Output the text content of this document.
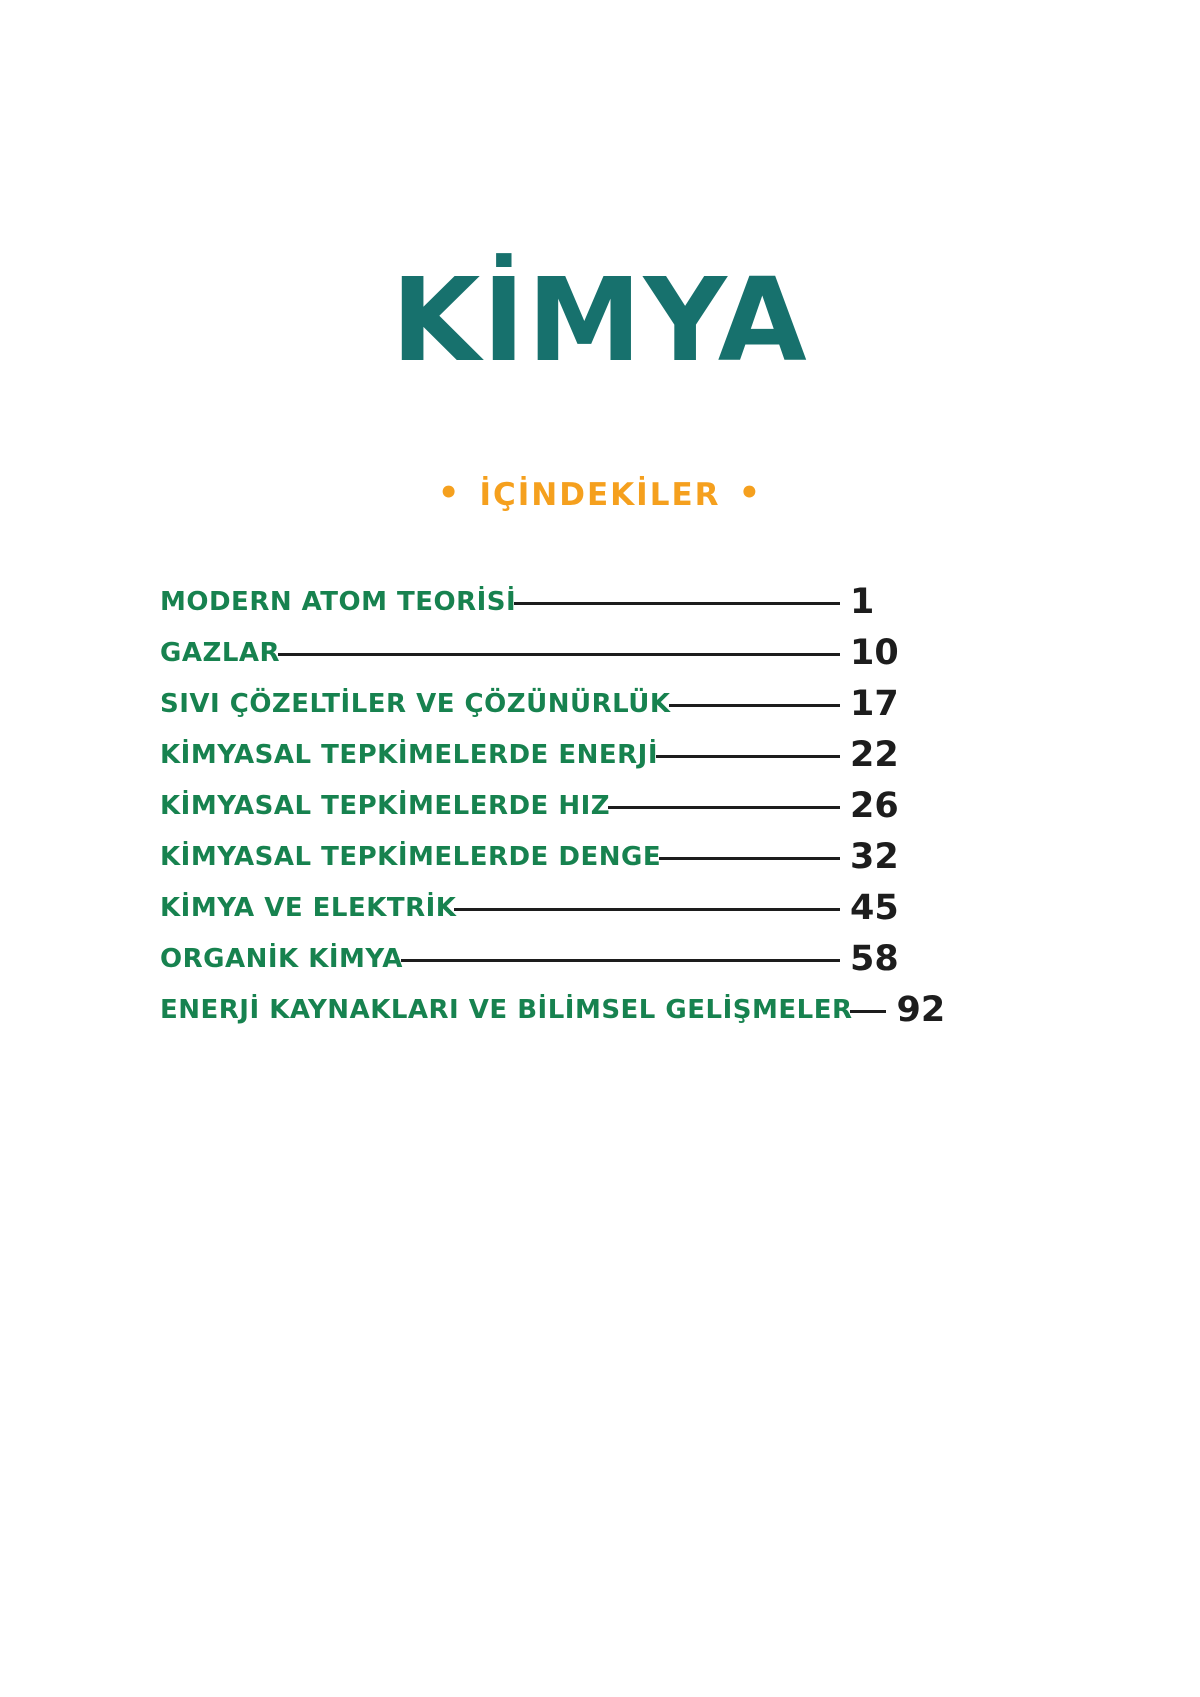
KİMYA
• İÇİNDEKİLER •
MODERN ATOM TEORİSİ	1
GAZLAR	10
SIVI ÇÖZELTİLER VE ÇÖZÜNÜRLÜK	17
KİMYASAL TEPKİMELERDE ENERJİ	22
KİMYASAL TEPKİMELERDE HIZ	26
KİMYASAL TEPKİMELERDE DENGE	32
KİMYA VE ELEKTRİK	45
ORGANİK KİMYA	58
ENERJİ KAYNAKLARI VE BİLİMSEL GELİŞMELER 92
